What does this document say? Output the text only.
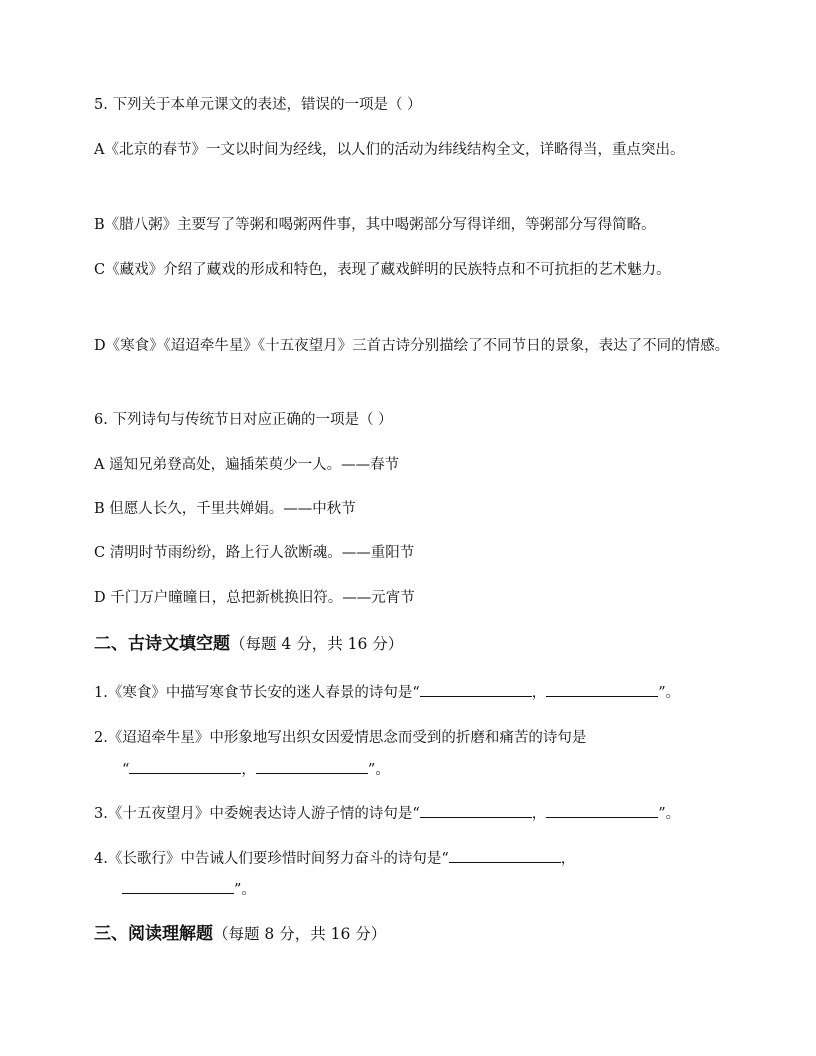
5. 下列关于本单元课文的表述，错误的一项是（ ）
A《北京的春节》一文以时间为经线，以人们的活动为纬线结构全文，详略得当，重点突出。
B《腊八粥》主要写了等粥和喝粥两件事，其中喝粥部分写得详细，等粥部分写得简略。
C《藏戏》介绍了藏戏的形成和特色，表现了藏戏鲜明的民族特点和不可抗拒的艺术魅力。
D《寒食》《迢迢牵牛星》《十五夜望月》三首古诗分别描绘了不同节日的景象，表达了不同的情感。
6. 下列诗句与传统节日对应正确的一项是（ ）
A 遥知兄弟登高处，遍插茱萸少一人。——春节
B 但愿人长久，千里共婵娟。——中秋节
C 清明时节雨纷纷，路上行人欲断魂。——重阳节
D 千门万户曈曈日，总把新桃换旧符。——元宵节
二、古诗文填空题（每题 4 分，共 16 分）
1.《寒食》中描写寒食节长安的迷人春景的诗句是“	，	”。
2.《迢迢牵牛星》中形象地写出织女因爱情思念而受到的折磨和痛苦的诗句是
“	，	”。
3.《十五夜望月》中委婉表达诗人游子情的诗句是“	，	”。
4.《长歌行》中告诫人们要珍惜时间努力奋斗的诗句是“	，
”。
三、阅读理解题（每题 8 分，共 16 分）
